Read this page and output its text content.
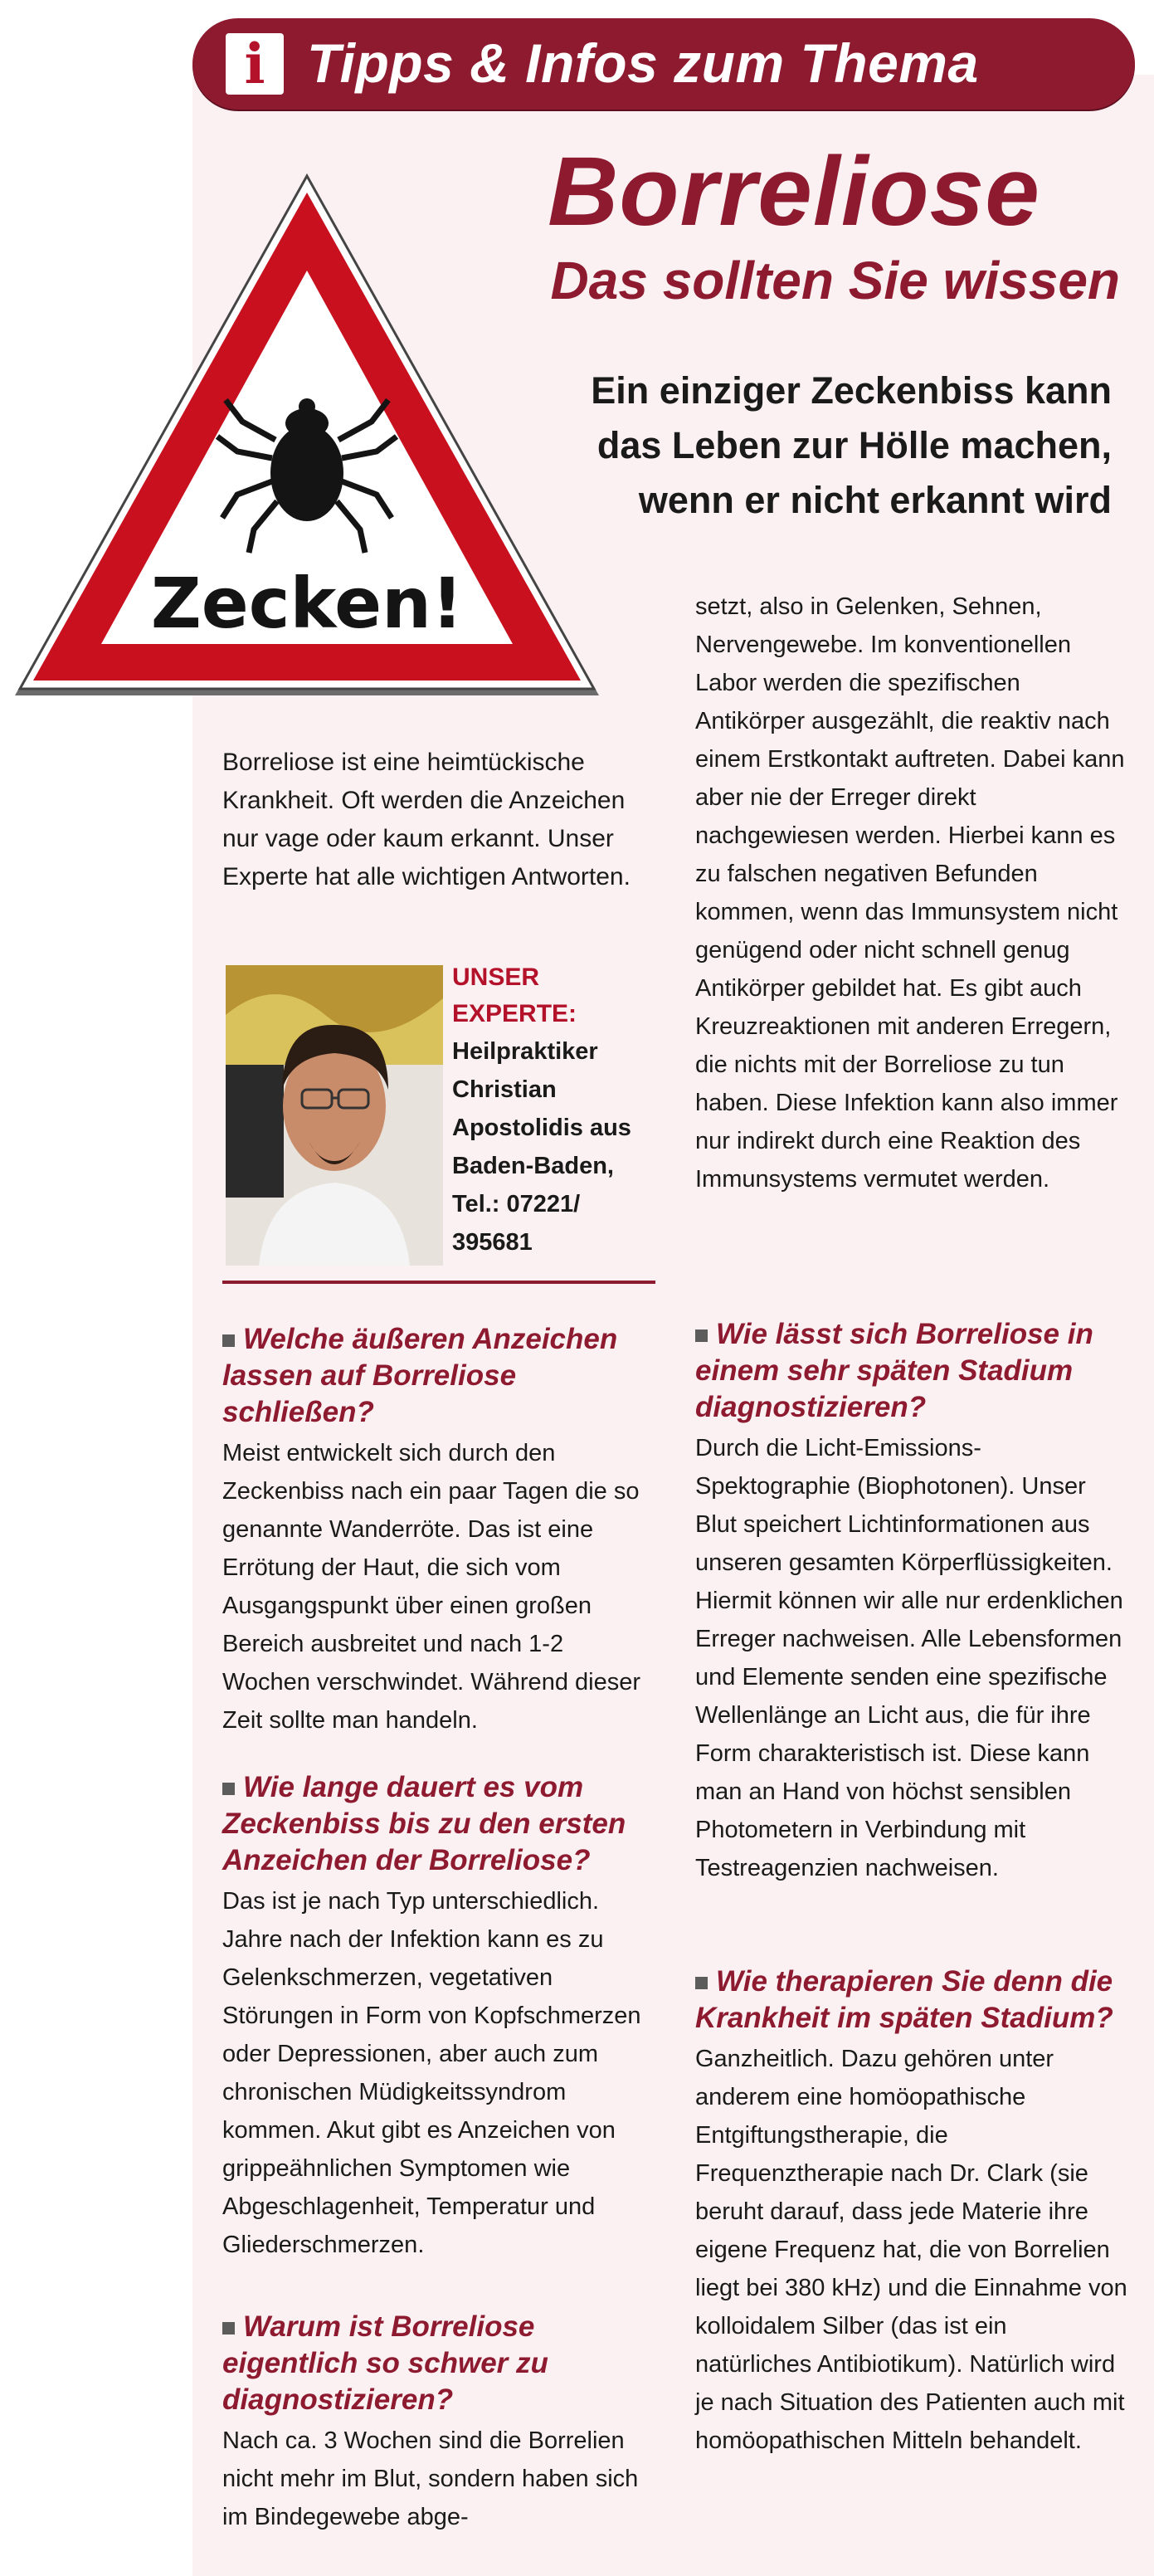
i Tipps & Infos zum Thema
Zecken!
Borreliose
Das sollten Sie wissen
Ein einziger Zeckenbiss kann
das Leben zur Hölle machen,
wenn er nicht erkannt wird
Borreliose ist eine heimtückische Krankheit. Oft werden die Anzeichen nur vage oder kaum erkannt. Unser Experte hat alle wichtigen Antworten.
UNSER
EXPERTE:
Heilpraktiker Christian Apostolidis aus Baden-Baden, Tel.: 07221/ 395681
Welche äußeren Anzeichen lassen auf Borreliose schließen?
Meist entwickelt sich durch den Zeckenbiss nach ein paar Tagen die so genannte Wanderröte. Das ist eine Errötung der Haut, die sich vom Ausgangspunkt über einen großen Bereich ausbreitet und nach 1-2 Wochen verschwindet. Während dieser Zeit sollte man handeln.
Wie lange dauert es vom Zeckenbiss bis zu den ersten Anzeichen der Borreliose?
Das ist je nach Typ unterschiedlich. Jahre nach der Infektion kann es zu Gelenkschmerzen, vegetativen Störungen in Form von Kopfschmerzen oder Depressionen, aber auch zum chronischen Müdigkeitssyndrom kommen. Akut gibt es Anzeichen von grippeähnlichen Symptomen wie Abgeschlagenheit, Temperatur und Gliederschmerzen.
Warum ist Borreliose eigentlich so schwer zu diagnostizieren?
Nach ca. 3 Wochen sind die Borrelien nicht mehr im Blut, sondern haben sich im Bindegewebe abge-
setzt, also in Gelenken, Sehnen, Nervengewebe. Im konventionellen Labor werden die spezifischen Antikörper ausgezählt, die reaktiv nach einem Erstkontakt auftreten. Dabei kann aber nie der Erreger direkt nachgewiesen werden. Hierbei kann es zu falschen negativen Befunden kommen, wenn das Immunsystem nicht genügend oder nicht schnell genug Antikörper gebildet hat. Es gibt auch Kreuzreaktionen mit anderen Erregern, die nichts mit der Borreliose zu tun haben. Diese Infektion kann also immer nur indirekt durch eine Reaktion des Immunsystems vermutet werden.
Wie lässt sich Borreliose in einem sehr späten Stadium diagnostizieren?
Durch die Licht-Emissions-Spektographie (Biophotonen). Unser Blut speichert Lichtinformationen aus unseren gesamten Körperflüssigkeiten. Hiermit können wir alle nur erdenklichen Erreger nachweisen. Alle Lebensformen und Elemente senden eine spezifische Wellenlänge an Licht aus, die für ihre Form charakteristisch ist. Diese kann man an Hand von höchst sensiblen Photometern in Verbindung mit Testreagenzien nachweisen.
Wie therapieren Sie denn die Krankheit im späten Stadium?
Ganzheitlich. Dazu gehören unter anderem eine homöopathische Entgiftungstherapie, die Frequenztherapie nach Dr. Clark (sie beruht darauf, dass jede Materie ihre eigene Frequenz hat, die von Borrelien liegt bei 380 kHz) und die Einnahme von kolloidalem Silber (das ist ein natürliches Antibiotikum). Natürlich wird je nach Situation des Patienten auch mit homöopathischen Mitteln behandelt.
